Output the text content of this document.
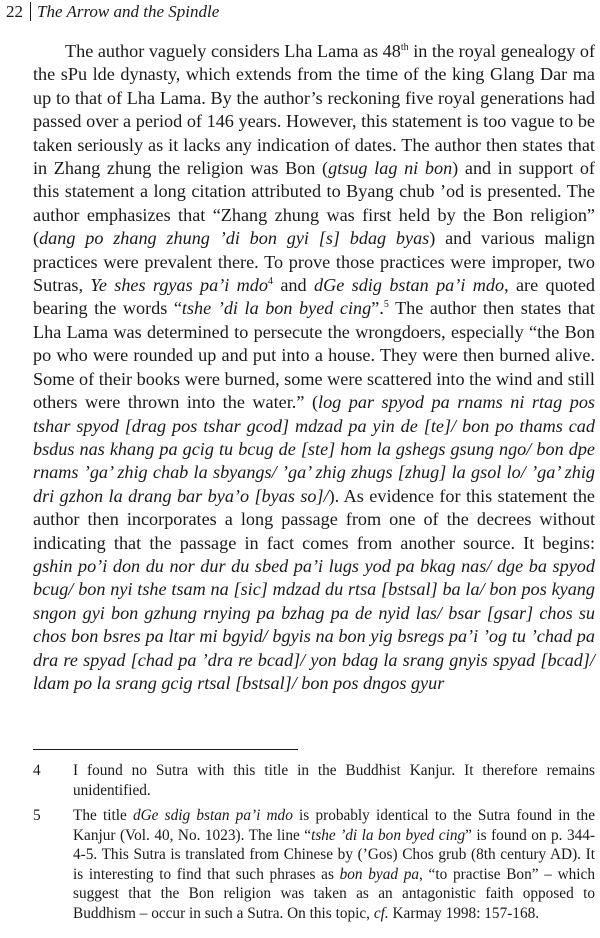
22 The Arrow and the Spindle

The author vaguely considers Lha Lama as 48th in the royal genealogy of the sPu lde dynasty, which extends from the time of the king Glang Dar ma up to that of Lha Lama. By the author’s reckoning five royal generations had passed over a period of 146 years. However, this statement is too vague to be taken seriously as it lacks any indication of dates. The author then states that in Zhang zhung the religion was Bon (gtsug lag ni bon) and in support of this statement a long citation attributed to Byang chub ’od is presented. The author emphasizes that “Zhang zhung was first held by the Bon religion” (dang po zhang zhung ’di bon gyi [s] bdag byas) and various malign practices were prevalent there. To prove those practices were improper, two Sutras, Ye shes rgyas pa’i mdo$^4$ and dGe sdig bstan pa’i mdo, are quoted bearing the words “tshe ’di la bon byed cing”.$^5$ The author then states that Lha Lama was determined to persecute the wrongdoers, especially “the Bon po who were rounded up and put into a house. They were then burned alive. Some of their books were burned, some were scattered into the wind and still others were thrown into the water.” (log par spyod pa rnams ni rtag pos tshar spyod [drag pos tshar gcod] mdzad pa yin de [te]/ bon po thams cad bsdus nas khang pa gcig tu bcug de [ste] hom la gshegs gsung ngo/ bon dpe rnams ’ga’ zhig chab la sbyangs/ ’ga’ zhig zhugs [zhug] la gsol lo/ ’ga’ zhig dri gzhon la drang bar bya’o [byas so]/). As evidence for this statement the author then incorporates a long passage from one of the decrees without indicating that the passage in fact comes from another source. It begins: gshin po’i don du nor dur du sbed pa’i lugs yod pa bkag nas/ dge ba spyod bcug/ bon nyi tshe tsam na [sic] mdzad du rtsa [bstsal] ba la/ bon pos kyang sngon gyi bon gzhung rnying pa bzhag pa de nyid las/ bsar [gsar] chos su chos bon bsres pa ltar mi bgyid/ bgyis na bon yig bsregs pa’i ’og tu ’chad pa dra re spyad [chad pa ’dra re bcad]/ yon bdag la srang gnyis spyad [bcad]/ ldam po la srang gcig rtsal [bstsal]/ bon pos dngos gyur

4	I found no Sutra with this title in the Buddhist Kanjur. It therefore remains unidentified.
5	The title dGe sdig bstan pa’i mdo is probably identical to the Sutra found in the Kanjur (Vol. 40, No. 1023). The line “tshe ’di la bon byed cing” is found on p. 344-4-5. This Sutra is translated from Chinese by (’Gos) Chos grub (8th century AD). It is interesting to find that such phrases as bon byad pa, “to practise Bon” – which suggest that the Bon religion was taken as an antagonistic faith opposed to Buddhism – occur in such a Sutra. On this topic, cf. Karmay 1998: 157-168.
